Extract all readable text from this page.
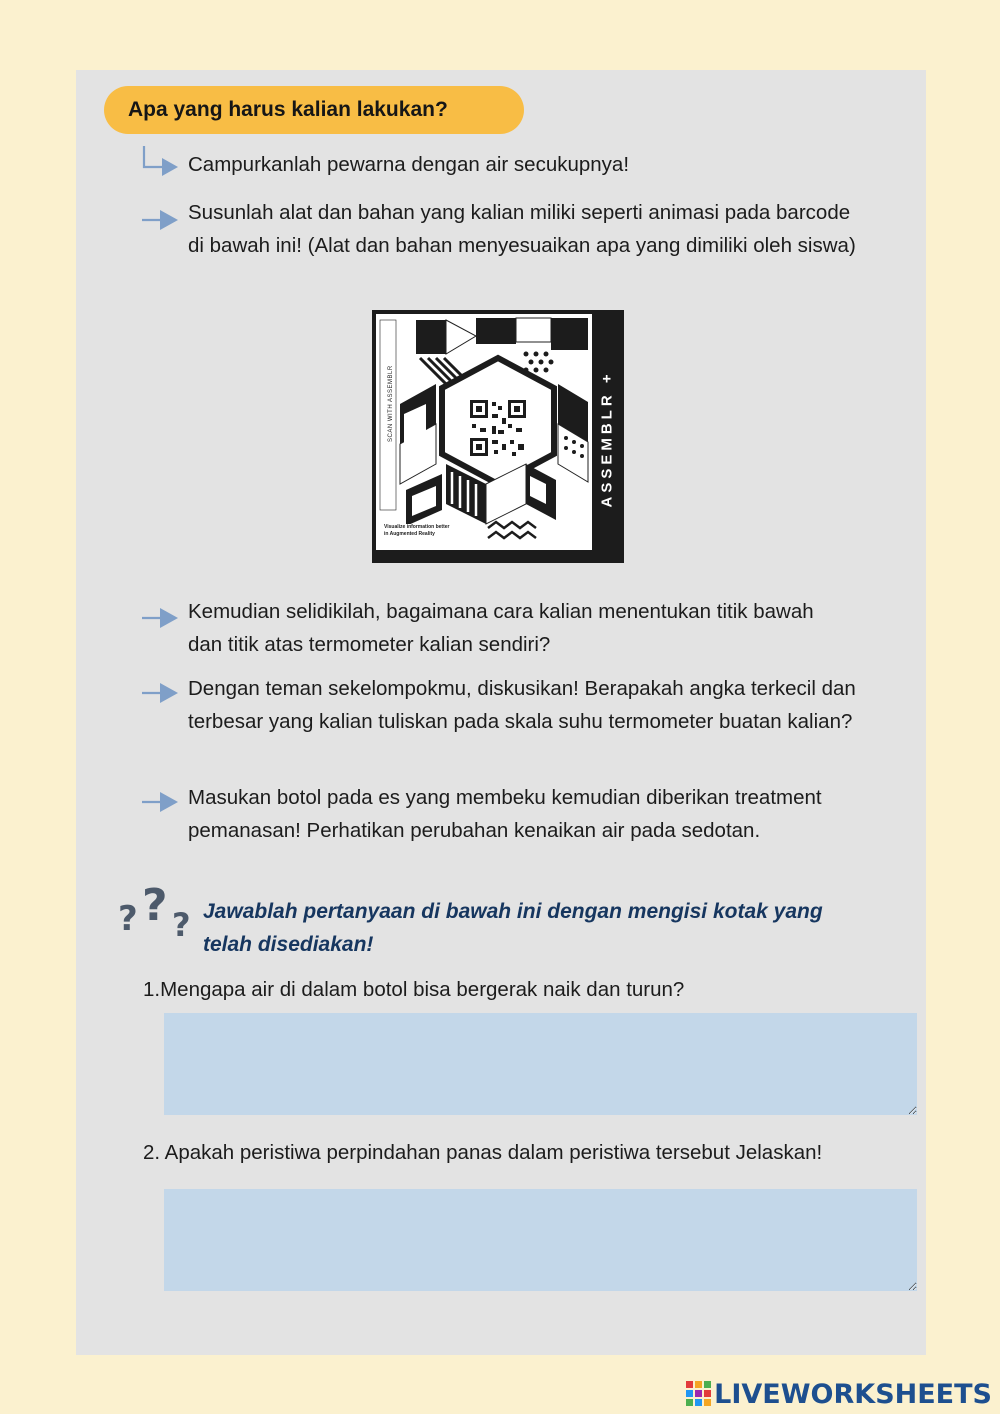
Apa yang harus kalian lakukan?
Campurkanlah pewarna dengan air secukupnya!
Susunlah alat dan bahan yang kalian miliki seperti animasi pada barcode di bawah ini! (Alat dan bahan menyesuaikan apa yang dimiliki oleh siswa)
SCAN WITH ASSEMBLR	ASSEMBLR +
Visualize information better in Augmented Reality
Kemudian selidikilah, bagaimana cara kalian menentukan titik bawah dan titik atas termometer kalian sendiri?
Dengan teman sekelompokmu, diskusikan! Berapakah angka terkecil dan terbesar yang kalian tuliskan pada skala suhu termometer buatan kalian?
Masukan botol pada es yang membeku kemudian diberikan treatment pemanasan! Perhatikan perubahan kenaikan air pada sedotan.
? ? ? Jawablah pertanyaan di bawah ini dengan mengisi kotak yang telah disediakan!
1.Mengapa air di dalam botol bisa bergerak naik dan turun?
2. Apakah peristiwa perpindahan panas dalam peristiwa tersebut Jelaskan!
LIVEWORKSHEETS
